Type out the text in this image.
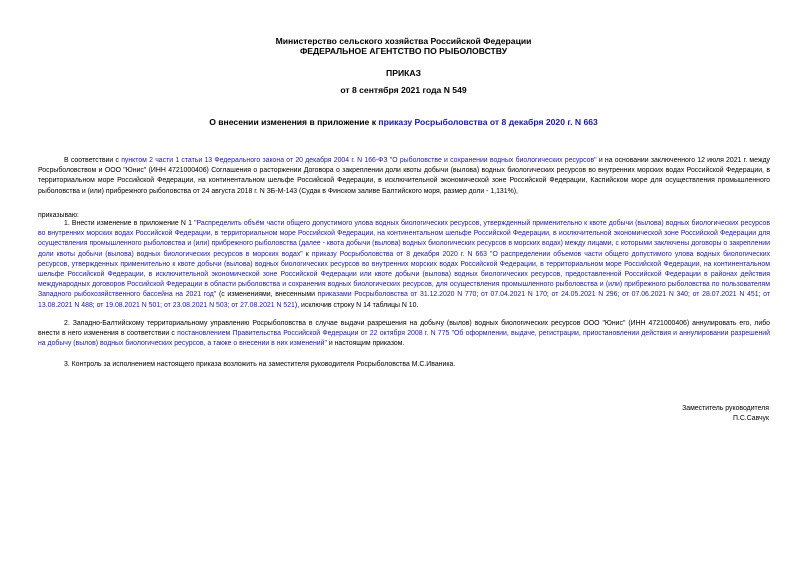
Министерство сельского хозяйства Российской Федерации
ФЕДЕРАЛЬНОЕ АГЕНТСТВО ПО РЫБОЛОВСТВУ
ПРИКАЗ
от 8 сентября 2021 года N 549
О внесении изменения в приложение к приказу Росрыболовства от 8 декабря 2020 г. N 663
В соответствии с пунктом 2 части 1 статьи 13 Федерального закона от 20 декабря 2004 г. N 166-ФЗ "О рыболовстве и сохранении водных биологических ресурсов" и на основании заключенного 12 июля 2021 г. между Росрыболовством и ООО "Юнис" (ИНН 4721000406) Соглашения о расторжении Договора о закреплении доли квоты добычи (вылова) водных биологических ресурсов во внутренних морских водах Российской Федерации, в территориальном море Российской Федерации, на континентальном шельфе Российской Федерации, в исключительной экономической зоне Российской Федерации, Каспийском море для осуществления промышленного рыболовства и (или) прибрежного рыболовства от 24 августа 2018 г. N ЗБ-М-143 (Судак в Финском заливе Балтийского моря, размер доли - 1,131%),
приказываю:
1. Внести изменение в приложение N 1 "Распределить объём части общего допустимого улова водных биологических ресурсов, утвержденный применительно к квоте добычи (вылова) водных биологических ресурсов во внутренних морских водах Российской Федерации, в территориальном море Российской Федерации, на континентальном шельфе Российской Федерации, в исключительной экономической зоне Российской Федерации для осуществления промышленного рыболовства и (или) прибрежного рыболовства (далее - квота добычи (вылова) водных биологических ресурсов в морских водах) между лицами, с которыми заключены договоры о закреплении доли квоты добычи (вылова) водных биологических ресурсов в морских водах" к приказу Росрыболовства от 8 декабря 2020 г. N 663 "О распределении объемов части общего допустимого улова водных биологических ресурсов, утвержденных применительно к квоте добычи (вылова) водных биологических ресурсов во внутренних морских водах Российской Федерации, в территориальном море Российской Федерации, на континентальном шельфе Российской Федерации, в исключительной экономической зоне Российской Федерации или квоте добычи (вылова) водных биологических ресурсов, предоставленной Российской Федерации в районах действия международных договоров Российской Федерации в области рыболовства и сохранения водных биологических ресурсов, для осуществления промышленного рыболовства и (или) прибрежного рыболовства по пользователям Западного рыбохозяйственного бассейна на 2021 год" (с изменениями, внесенными приказами Росрыболовства от 31.12.2020 N 770; от 07.04.2021 N 170; от 24.05.2021 N 296; от 07.06.2021 N 340; от 28.07.2021 N 451; от 13.08.2021 N 488; от 19.08.2021 N 501; от 23.08.2021 N 503; от 27.08.2021 N 521), исключив строку N 14 таблицы N 10.
2. Западно-Балтийскому территориальному управлению Росрыболовства в случае выдачи разрешения на добычу (вылов) водных биологических ресурсов ООО "Юнис" (ИНН 4721000406) аннулировать его, либо внести в него изменения в соответствии с постановлением Правительства Российской Федерации от 22 октября 2008 г. N 775 "Об оформлении, выдаче, регистрации, приостановлении действия и аннулировании разрешений на добычу (вылов) водных биологических ресурсов, а также о внесении в них изменений" и настоящим приказом.
3. Контроль за исполнением настоящего приказа возложить на заместителя руководителя Росрыболовства М.С.Иваника.
Заместитель руководителя
П.С.Савчук
